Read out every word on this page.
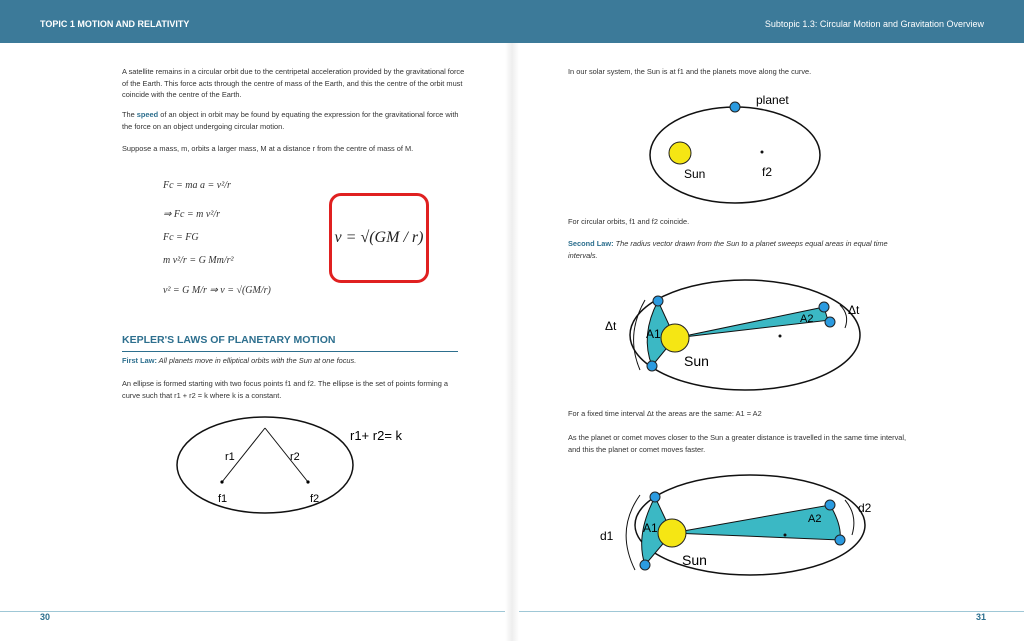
TOPIC 1 MOTION AND RELATIVITY	Subtopic 1.3: Circular Motion and Gravitation Overview
A satellite remains in a circular orbit due to the centripetal acceleration provided by the gravitational force of the Earth. This force acts through the centre of mass of the Earth, and this the centre of the orbit must coincide with the centre of the Earth.
The speed of an object in orbit may be found by equating the expression for the gravitational force with the force on an object undergoing circular motion.
Suppose a mass, m, orbits a larger mass, M at a distance r from the centre of mass of M.
Fc = ma a = v²/r
⇒ Fc = m v²/r
Fc = FG
m v²/r = G Mm/r²
v² = G M/r ⇒ v = √(GM/r)
v = √(GM / r)
KEPLER'S LAWS OF PLANETARY MOTION
First Law: All planets move in elliptical orbits with the Sun at one focus.
An ellipse is formed starting with two focus points f1 and f2. The ellipse is the set of points forming a curve such that r1 + r2 = k where k is a constant.
In our solar system, the Sun is at f1 and the planets move along the curve.
For circular orbits, f1 and f2 coincide.
Second Law: The radius vector drawn from the Sun to a planet sweeps equal areas in equal time intervals.
For a fixed time interval Δt the areas are the same: A1 = A2
As the planet or comet moves closer to the Sun a greater distance is travelled in the same time interval, and this the planet or comet moves faster.
r1	r2
f1	f2
r1+ r2= k
planet
Sun	f2
Δt
Δt
A1
A2
Sun
d1
d2
A1
A2
Sun
30	31
